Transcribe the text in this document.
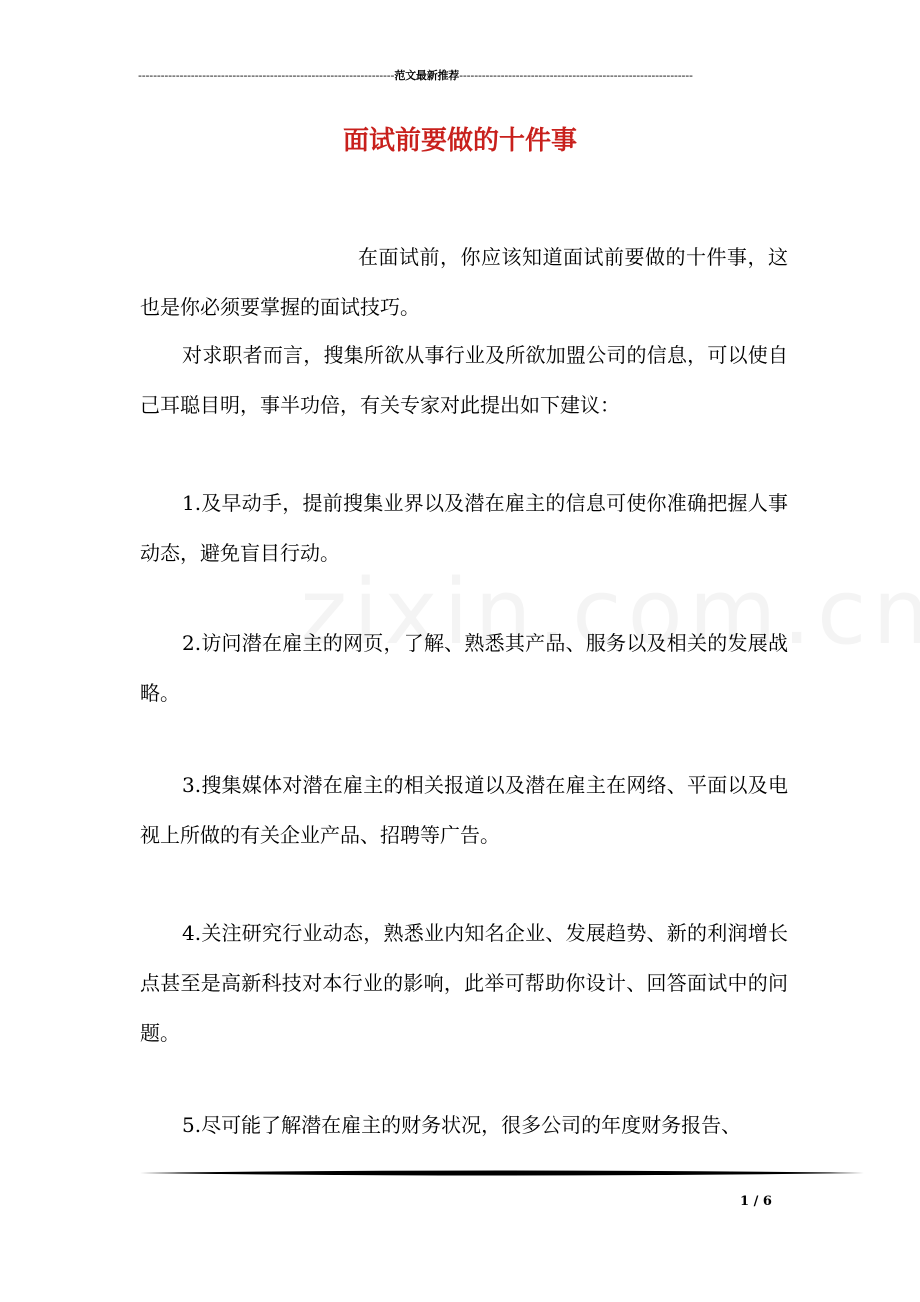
--------------------------------------------------------------------范文最新推荐--------------------------------------------------------------
面试前要做的十件事
在面试前，你应该知道面试前要做的十件事，这也是你必须要掌握的面试技巧。
对求职者而言，搜集所欲从事行业及所欲加盟公司的信息，可以使自己耳聪目明，事半功倍，有关专家对此提出如下建议：
1.及早动手，提前搜集业界以及潜在雇主的信息可使你准确把握人事动态，避免盲目行动。
2.访问潜在雇主的网页，了解、熟悉其产品、服务以及相关的发展战略。
3.搜集媒体对潜在雇主的相关报道以及潜在雇主在网络、平面以及电视上所做的有关企业产品、招聘等广告。
4.关注研究行业动态，熟悉业内知名企业、发展趋势、新的利润增长点甚至是高新科技对本行业的影响，此举可帮助你设计、回答面试中的问题。
5.尽可能了解潜在雇主的财务状况，很多公司的年度财务报告、
1 / 6
